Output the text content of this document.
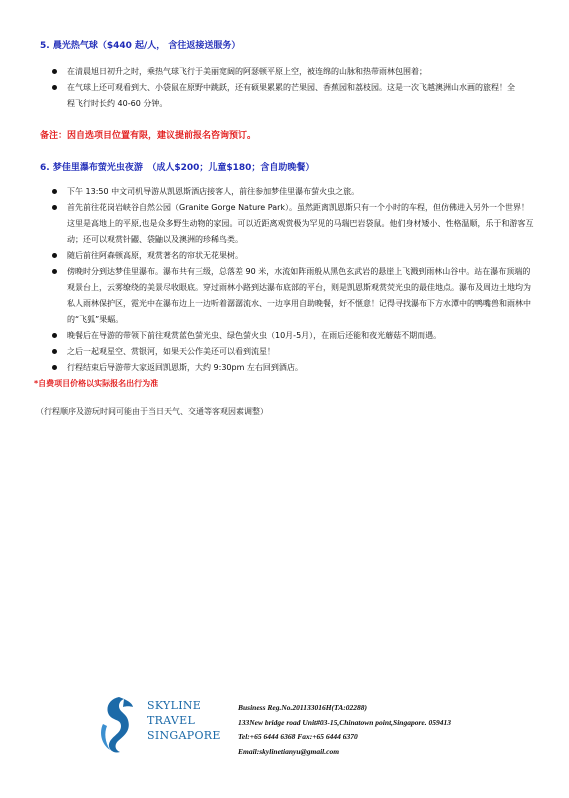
5. 晨光热气球（$440 起/人， 含往返接送服务）
在清晨旭日初升之时，乘热气球飞行于美丽宽阔的阿瑟顿平原上空，被连绵的山脉和热带雨林包围着；
在气球上还可观看到大、小袋鼠在原野中跳跃，还有硕果累累的芒果园、香蕉园和荔枝园。这是一次飞越澳洲山水画的旅程！全程飞行时长约 40-60 分钟。
备注：因自选项目位置有限，建议提前报名咨询预订。
6. 梦佳里瀑布萤光虫夜游　（成人$200；儿童$180；含自助晚餐）
下午 13:50 中文司机导游从凯恩斯酒店接客人，前往参加梦佳里瀑布萤火虫之旅。
首先前往花岗岩峡谷自然公园（Granite Gorge Nature Park）。虽然距离凯恩斯只有一个小时的车程，但仿佛进入另外一个世界！这里是高地上的平原,也是众多野生动物的家园。可以近距离观赏极为罕见的马瑞巴岩袋鼠。他们身材矮小、性格温顺，乐于和游客互动；还可以观赏针鼹、袋鼬以及澳洲的珍稀鸟类。
随后前往阿森顿高原，观赏著名的帘状无花果树。
傍晚时分到达梦佳里瀑布。瀑布共有三级，总落差 90 米，水流如阵雨般从黑色玄武岩的悬崖上飞溅到雨林山谷中。站在瀑布顶端的观景台上，云雾缭绕的美景尽收眼底。穿过雨林小路到达瀑布底部的平台，则是凯恩斯观赏荧光虫的最佳地点。瀑布及周边土地均为私人雨林保护区，霓光中在瀑布边上一边听着潺潺流水、一边享用自助晚餐，好不惬意！记得寻找瀑布下方水潭中的鸭嘴兽和雨林中的“飞狐”果蝠。
晚餐后在导游的带领下前往观赏蓝色萤光虫、绿色萤火虫（10月-5月），在雨后还能和夜光蘑菇不期而遇。
之后一起观星空、赏银河，如果天公作美还可以看到流星！
行程结束后导游带大家返回凯恩斯，大约 9:30pm 左右回到酒店。
*自费项目价格以实际报名出行为准
（行程顺序及游玩时间可能由于当日天气、交通等客观因素调整）
SKYLINE
TRAVEL
SINGAPORE
Business Reg.No.201133016H(TA:02288)
133New bridge road Unit#03-15,Chinatown point,Singapore. 059413
Tel:+65 6444 6368 Fax:+65 6444 6370
Email:skylinetianyu@gmail.com
